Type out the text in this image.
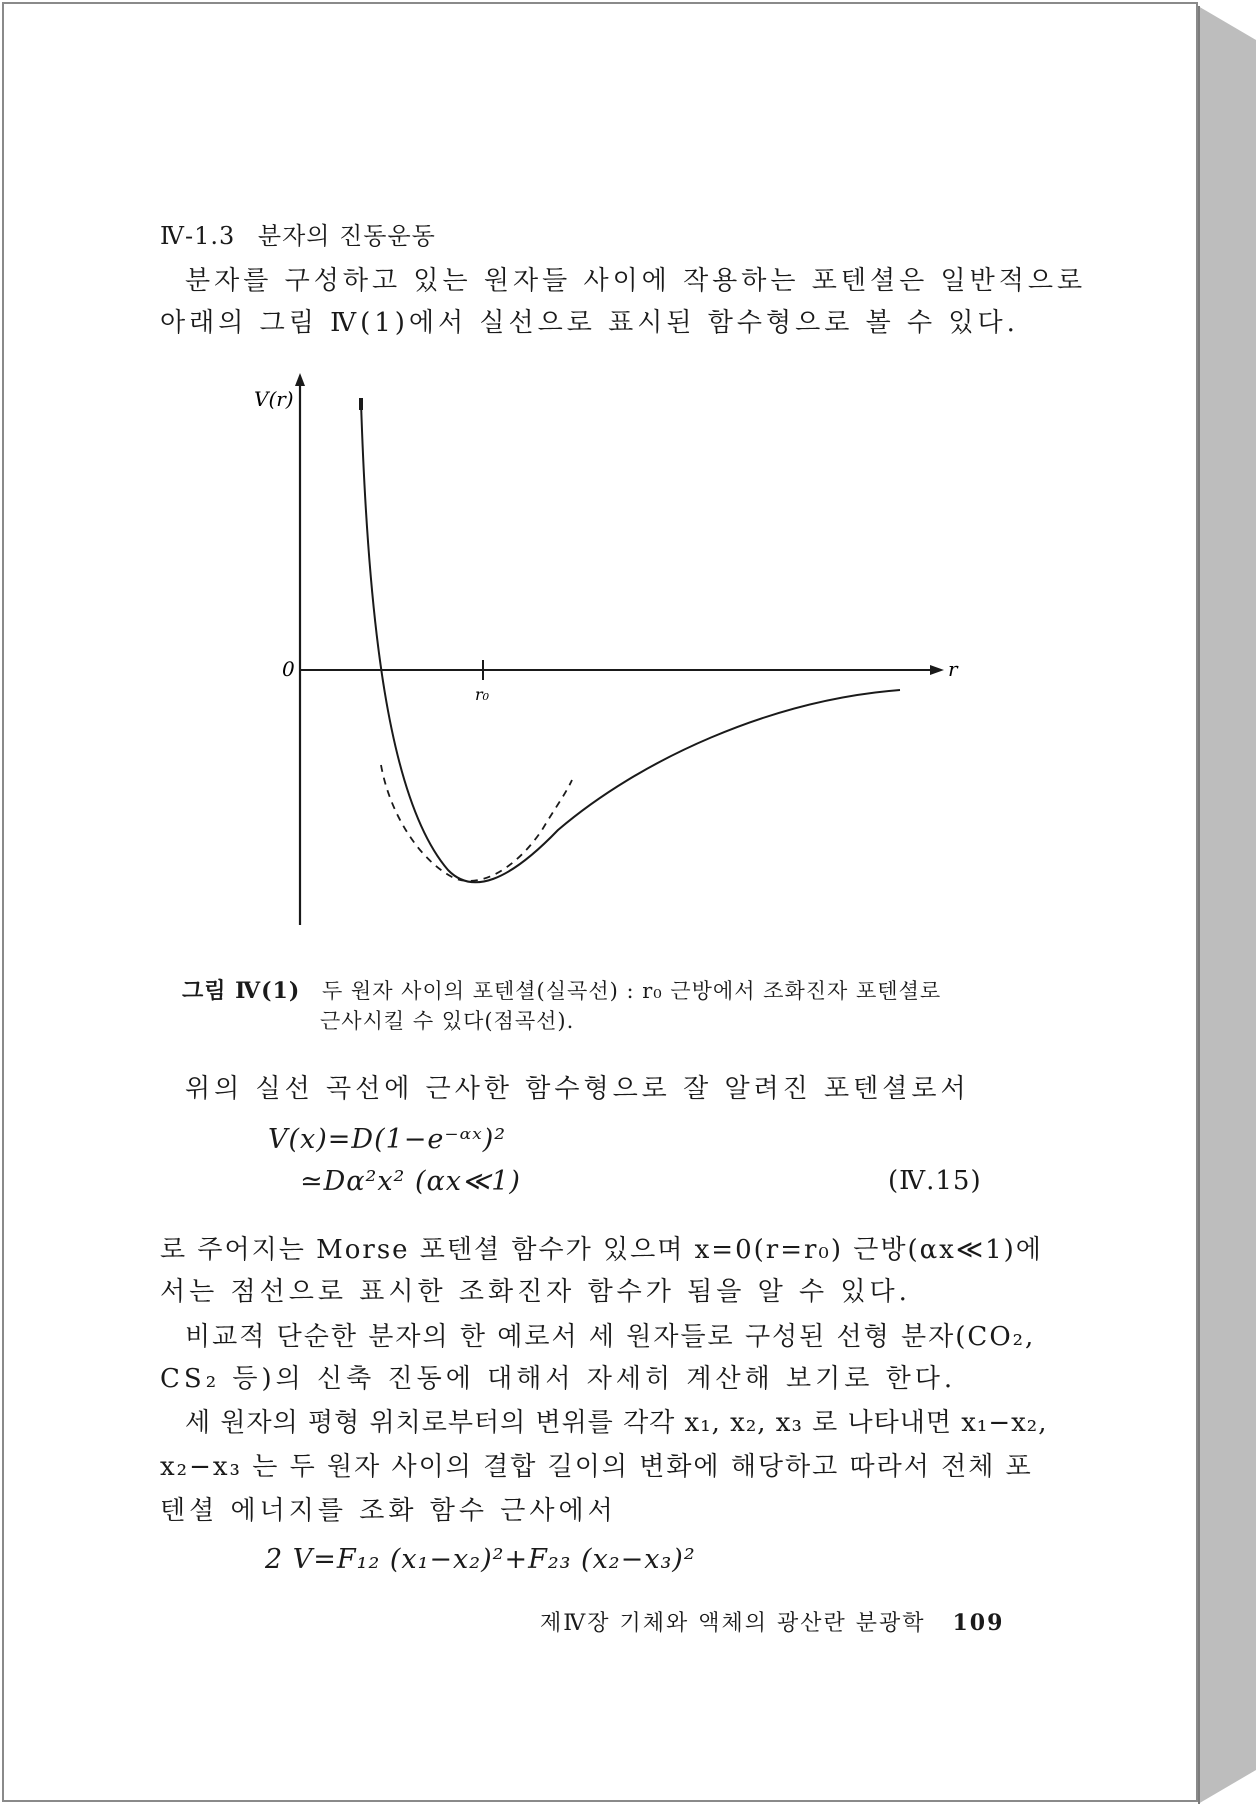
Ⅳ-1.3 분자의 진동운동
분자를 구성하고 있는 원자들 사이에 작용하는 포텐셜은 일반적으로
아래의 그림 Ⅳ(1)에서 실선으로 표시된 함수형으로 볼 수 있다.
V(r)
r
0
r₀
그림 Ⅳ(1) 두 원자 사이의 포텐셜(실곡선) : r₀ 근방에서 조화진자 포텐셜로
근사시킬 수 있다(점곡선).
위의 실선 곡선에 근사한 함수형으로 잘 알려진 포텐셜로서
V(x)=D(1−e⁻ᵅˣ)²
≃Dα²x² (αx≪1)	(Ⅳ.15)
로 주어지는 Morse 포텐셜 함수가 있으며 x=0(r=r₀) 근방(αx≪1)에
서는 점선으로 표시한 조화진자 함수가 됨을 알 수 있다.
비교적 단순한 분자의 한 예로서 세 원자들로 구성된 선형 분자(CO₂,
CS₂ 등)의 신축 진동에 대해서 자세히 계산해 보기로 한다.
세 원자의 평형 위치로부터의 변위를 각각 x₁, x₂, x₃ 로 나타내면 x₁−x₂,
x₂−x₃ 는 두 원자 사이의 결합 길이의 변화에 해당하고 따라서 전체 포
텐셜 에너지를 조화 함수 근사에서
2 V=F₁₂ (x₁−x₂)²+F₂₃ (x₂−x₃)²
제Ⅳ장 기체와 액체의 광산란 분광학 109
